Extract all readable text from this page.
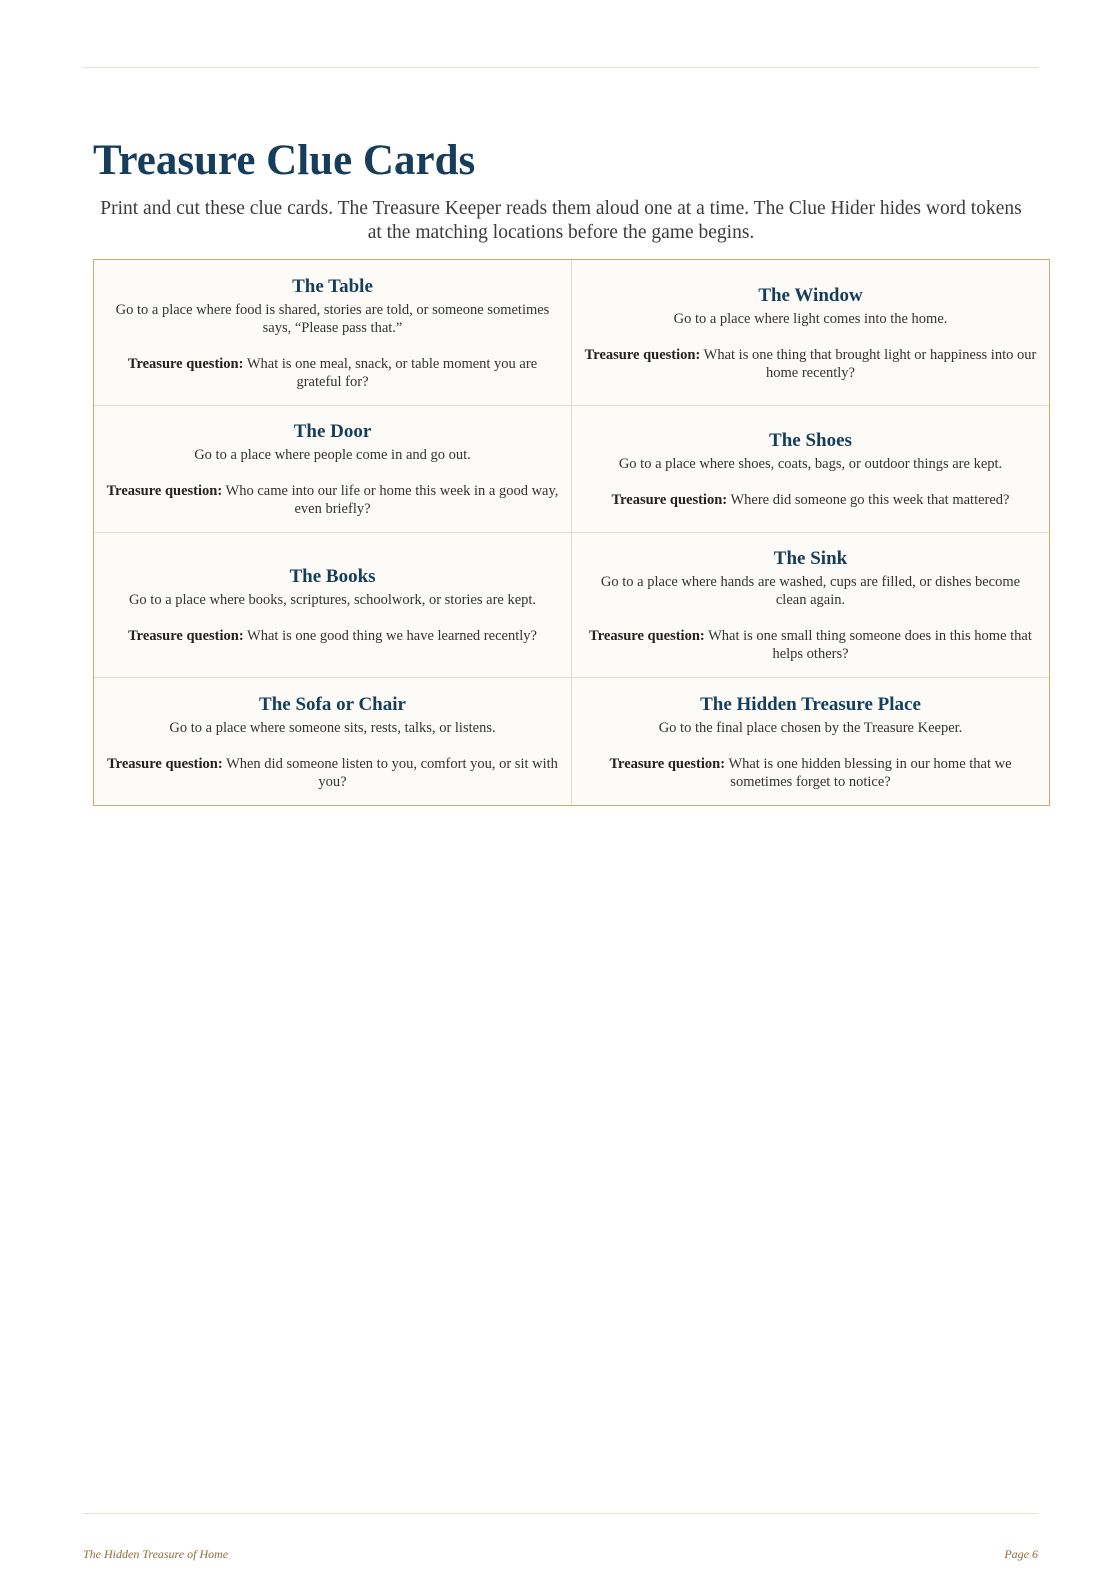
Treasure Clue Cards

Print and cut these clue cards. The Treasure Keeper reads them aloud one at a time. The Clue Hider hides word tokens at the matching locations before the game begins.

The Table

Go to a place where food is shared, stories are told, or someone sometimes says, “Please pass that.”

Treasure question: What is one meal, snack, or table moment you are grateful for?

The Window

Go to a place where light comes into the home.

Treasure question: What is one thing that brought light or happiness into our home recently?

The Door

Go to a place where people come in and go out.

Treasure question: Who came into our life or home this week in a good way, even briefly?

The Shoes

Go to a place where shoes, coats, bags, or outdoor things are kept.

Treasure question: Where did someone go this week that mattered?

The Books

Go to a place where books, scriptures, schoolwork, or stories are kept.

Treasure question: What is one good thing we have learned recently?

The Sink

Go to a place where hands are washed, cups are filled, or dishes become clean again.

Treasure question: What is one small thing someone does in this home that helps others?

The Sofa or Chair

Go to a place where someone sits, rests, talks, or listens.

Treasure question: When did someone listen to you, comfort you, or sit with you?

The Hidden Treasure Place

Go to the final place chosen by the Treasure Keeper.

Treasure question: What is one hidden blessing in our home that we sometimes forget to notice?

The Hidden Treasure of Home	Page 6
